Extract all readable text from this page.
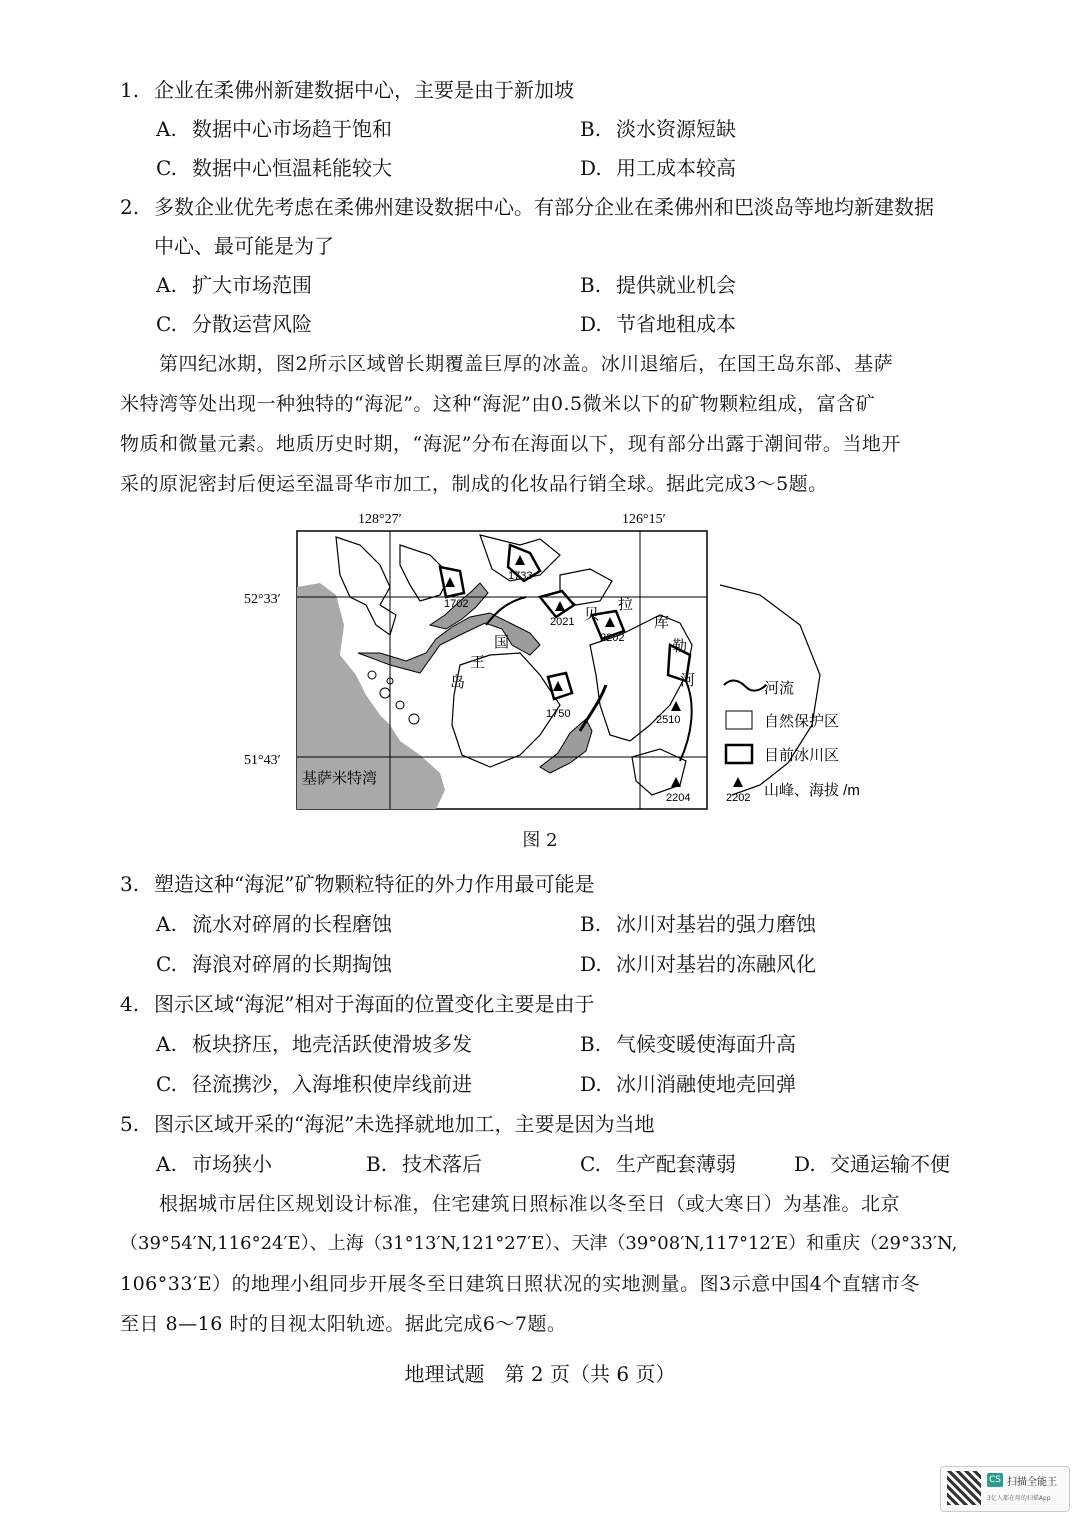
1. 企业在柔佛州新建数据中心，主要是由于新加坡
A. 数据中心市场趋于饱和	B. 淡水资源短缺
C. 数据中心恒温耗能较大	D. 用工成本较高
2. 多数企业优先考虑在柔佛州建设数据中心。有部分企业在柔佛州和巴淡岛等地均新建数据
中心、最可能是为了
A. 扩大市场范围	B. 提供就业机会
C. 分散运营风险	D. 节省地租成本
　　第四纪冰期，图2所示区域曾长期覆盖巨厚的冰盖。冰川退缩后，在国王岛东部、基萨
米特湾等处出现一种独特的“海泥”。这种“海泥”由0.5微米以下的矿物颗粒组成，富含矿
物质和微量元素。地质历史时期，“海泥”分布在海面以下，现有部分出露于潮间带。当地开
采的原泥密封后便运至温哥华市加工，制成的化妆品行销全球。据此完成3～5题。
128°27′	126°15′
52°33′
51°43′
基萨米特湾
国
王
岛
贝
拉
库
勒
河
1733
1702
2021
2202
1750	2510
2204
河流
自然保护区
目前冰川区
2202 山峰、海拔 /m
图 2
3. 塑造这种“海泥”矿物颗粒特征的外力作用最可能是
A. 流水对碎屑的长程磨蚀	B. 冰川对基岩的强力磨蚀
C. 海浪对碎屑的长期掏蚀	D. 冰川对基岩的冻融风化
4. 图示区域“海泥”相对于海面的位置变化主要是由于
A. 板块挤压，地壳活跃使滑坡多发	B. 气候变暖使海面升高
C. 径流携沙，入海堆积使岸线前进	D. 冰川消融使地壳回弹
5. 图示区域开采的“海泥”未选择就地加工，主要是因为当地
A. 市场狭小	B. 技术落后	C. 生产配套薄弱	D. 交通运输不便
　　根据城市居住区规划设计标准，住宅建筑日照标准以冬至日（或大寒日）为基准。北京
（39°54′N,116°24′E）、上海（31°13′N,121°27′E）、天津（39°08′N,117°12′E）和重庆（29°33′N,
106°33′E）的地理小组同步开展冬至日建筑日照状况的实地测量。图3示意中国4个直辖市冬
至日 8—16 时的目视太阳轨迹。据此完成6～7题。
地理试题　第 2 页（共 6 页）
CS 扫描全能王
3亿人都在用的扫描App
